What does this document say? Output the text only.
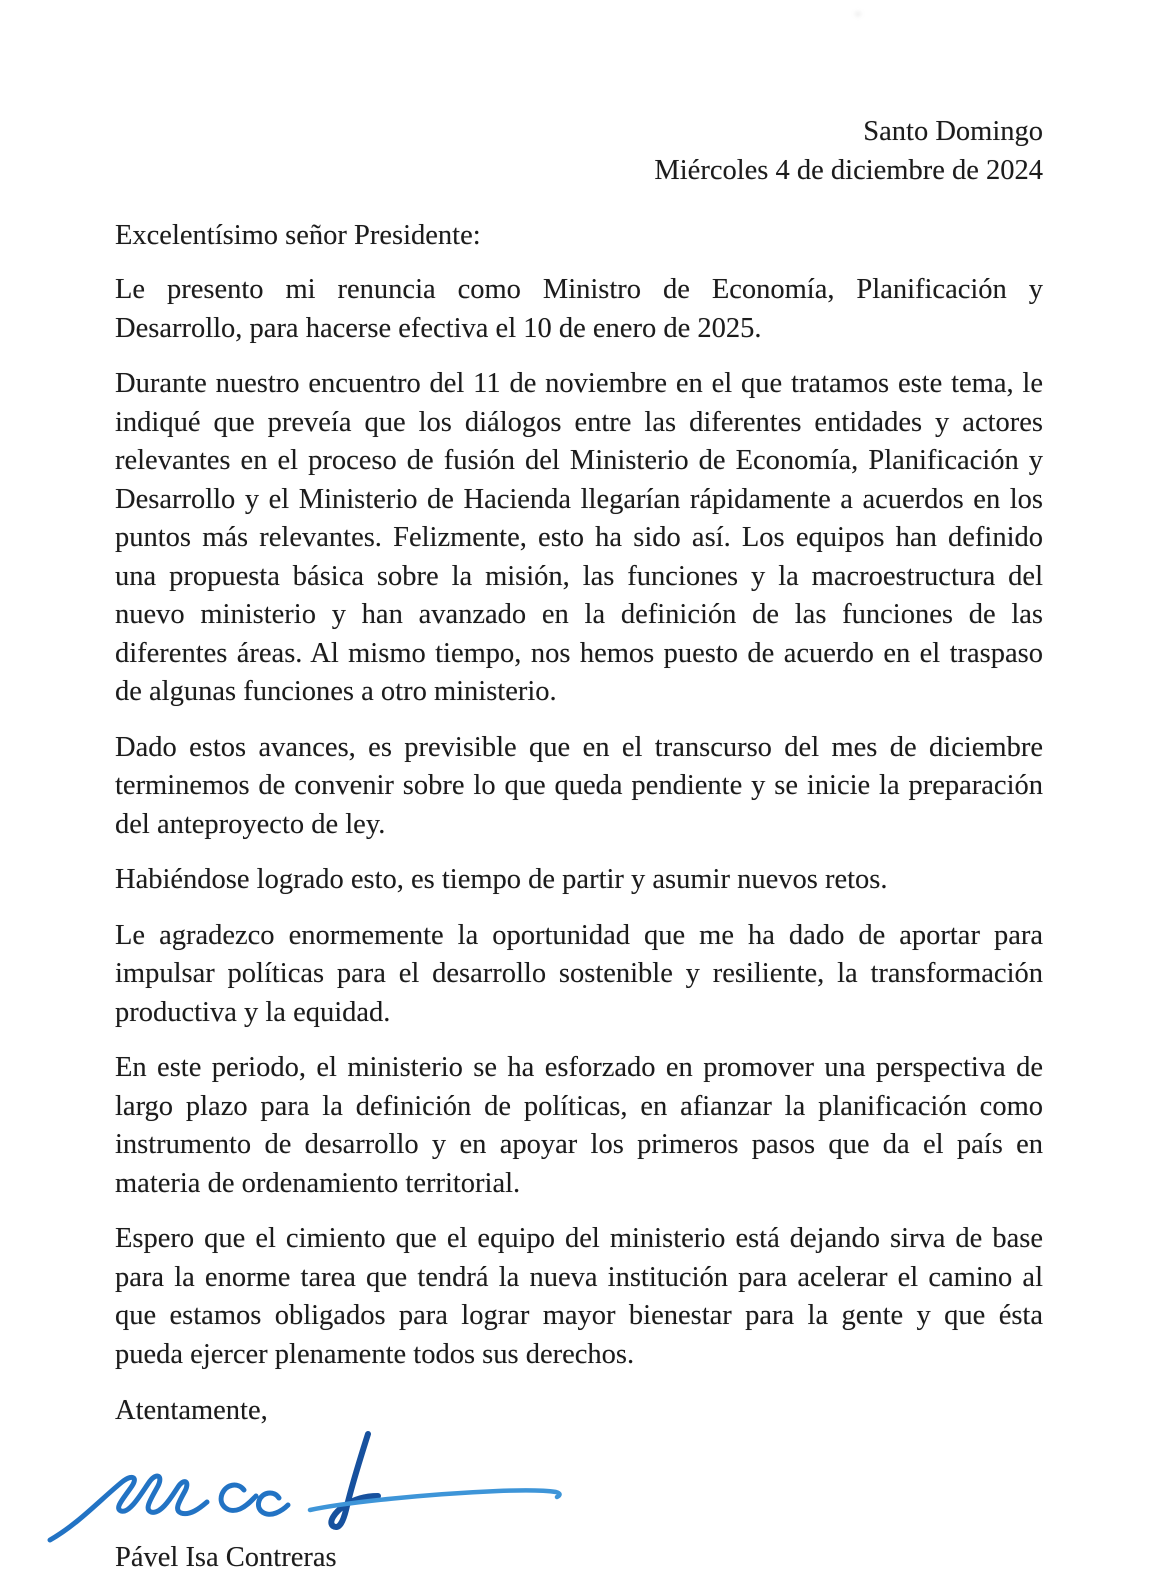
Santo Domingo
Miércoles 4 de diciembre de 2024
Excelentísimo señor Presidente:

Le presento mi renuncia como Ministro de Economía, Planificación y Desarrollo, para hacerse efectiva el 10 de enero de 2025.

Durante nuestro encuentro del 11 de noviembre en el que tratamos este tema, le indiqué que preveía que los diálogos entre las diferentes entidades y actores relevantes en el proceso de fusión del Ministerio de Economía, Planificación y Desarrollo y el Ministerio de Hacienda llegarían rápidamente a acuerdos en los puntos más relevantes. Felizmente, esto ha sido así. Los equipos han definido una propuesta básica sobre la misión, las funciones y la macroestructura del nuevo ministerio y han avanzado en la definición de las funciones de las diferentes áreas. Al mismo tiempo, nos hemos puesto de acuerdo en el traspaso de algunas funciones a otro ministerio.

Dado estos avances, es previsible que en el transcurso del mes de diciembre terminemos de convenir sobre lo que queda pendiente y se inicie la preparación del anteproyecto de ley.

Habiéndose logrado esto, es tiempo de partir y asumir nuevos retos.

Le agradezco enormemente la oportunidad que me ha dado de aportar para impulsar políticas para el desarrollo sostenible y resiliente, la transformación productiva y la equidad.

En este periodo, el ministerio se ha esforzado en promover una perspectiva de largo plazo para la definición de políticas, en afianzar la planificación como instrumento de desarrollo y en apoyar los primeros pasos que da el país en materia de ordenamiento territorial.

Espero que el cimiento que el equipo del ministerio está dejando sirva de base para la enorme tarea que tendrá la nueva institución para acelerar el camino al que estamos obligados para lograr mayor bienestar para la gente y que ésta pueda ejercer plenamente todos sus derechos.

Atentamente,
Pável Isa Contreras
